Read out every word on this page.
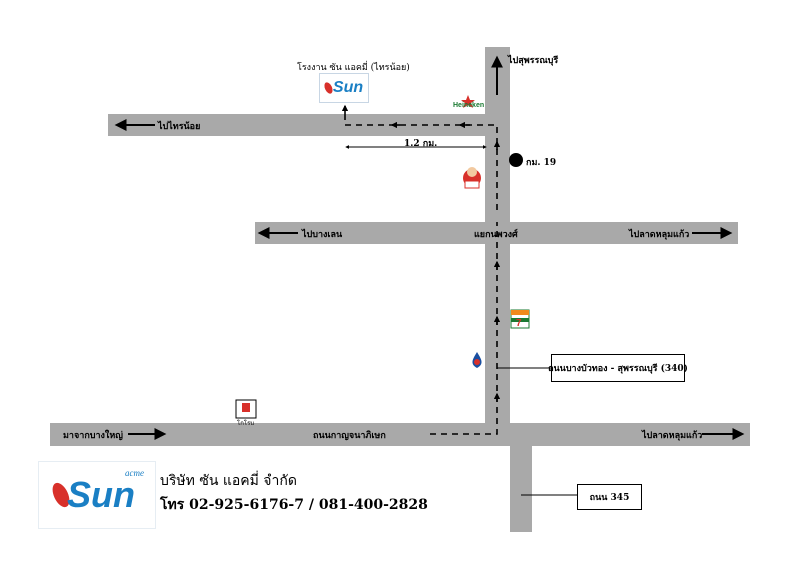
7
โรงงาน ซัน แอคมี่ (ไทรน้อย)
Sun
Heineken
ไปสุพรรณบุรี
ไปไทรน้อย
1.2 กม.
กม. 19
ไปบางเลน	แยกนพวงศ์	ไปลาดหลุมแก้ว
มาจากบางใหญ่	ถนนกาญจนาภิเษก	ไปลาดหลุมแก้ว
โกโรบ
ถนนบางบัวทอง - สุพรรณบุรี (340)
ถนน 345
acme
Sun บริษัท ซัน แอคมี่ จำกัด
โทร 02-925-6176-7 / 081-400-2828
